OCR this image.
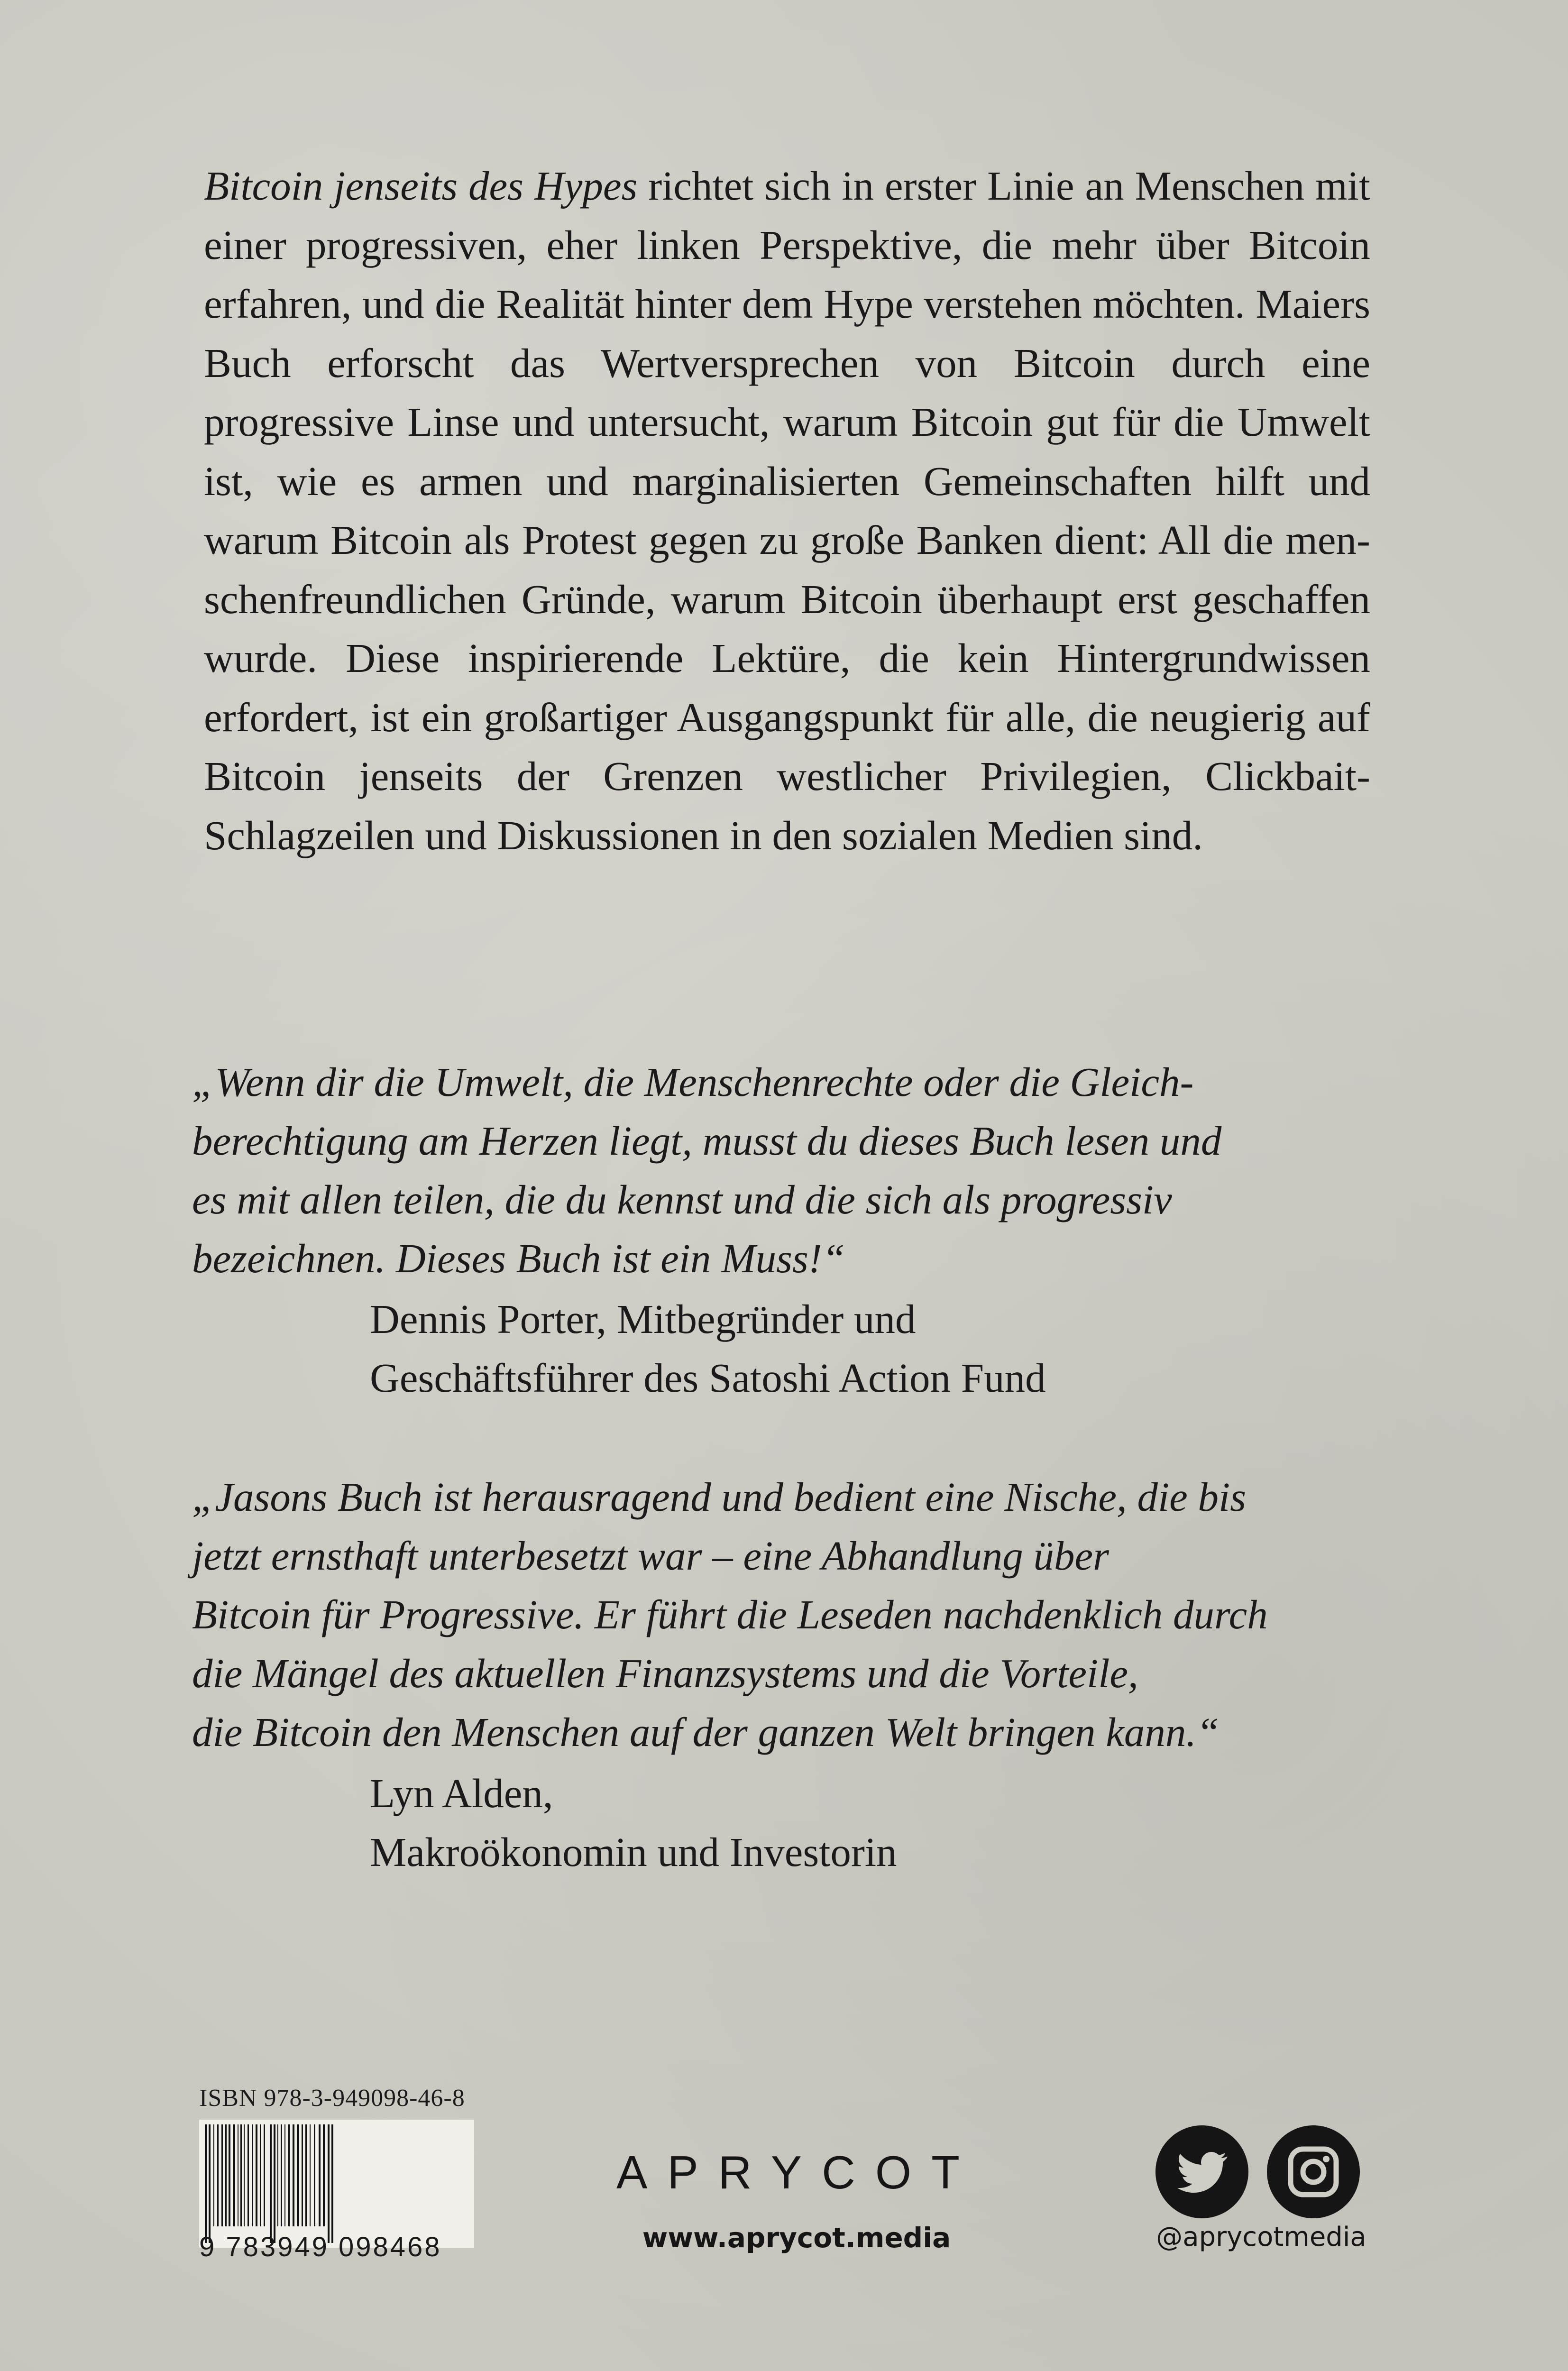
Bitcoin jenseits des Hypes richtet sich in erster Linie an Menschen mit einer progressiven, eher linken Perspektive, die mehr über Bitcoin erfahren, und die Realität hinter dem Hype verstehen möchten. Maiers Buch erforscht das Wertversprechen von Bitcoin durch eine progressive Linse und untersucht, warum Bitcoin gut für die Umwelt ist, wie es armen und marginalisierten Gemeinschaften hilft und warum Bitcoin als Protest gegen zu große Banken dient: All die menschenfreundlichen Gründe, warum Bitcoin überhaupt erst geschaffen wurde. Diese inspirierende Lektüre, die kein Hintergrundwissen erfordert, ist ein großartiger Ausgangspunkt für alle, die neugierig auf Bitcoin jenseits der Grenzen westlicher Privilegien, Clickbait-Schlagzeilen und Diskussionen in den sozialen Medien sind.

„Wenn dir die Umwelt, die Menschenrechte oder die Gleich-
berechtigung am Herzen liegt, musst du dieses Buch lesen und
es mit allen teilen, die du kennst und die sich als progressiv
bezeichnen. Dieses Buch ist ein Muss!“
Dennis Porter, Mitbegründer und
Geschäftsführer des Satoshi Action Fund
„Jasons Buch ist herausragend und bedient eine Nische, die bis
jetzt ernsthaft unterbesetzt war – eine Abhandlung über
Bitcoin für Progressive. Er führt die Leseden nachdenklich durch
die Mängel des aktuellen Finanzsystems und die Vorteile,
die Bitcoin den Menschen auf der ganzen Welt bringen kann.“
Lyn Alden,
Makroökonomin und Investorin
ISBN 978-3-949098-46-8
9 783949 098468
APRYCOT
www.aprycot.media	@aprycotmedia
